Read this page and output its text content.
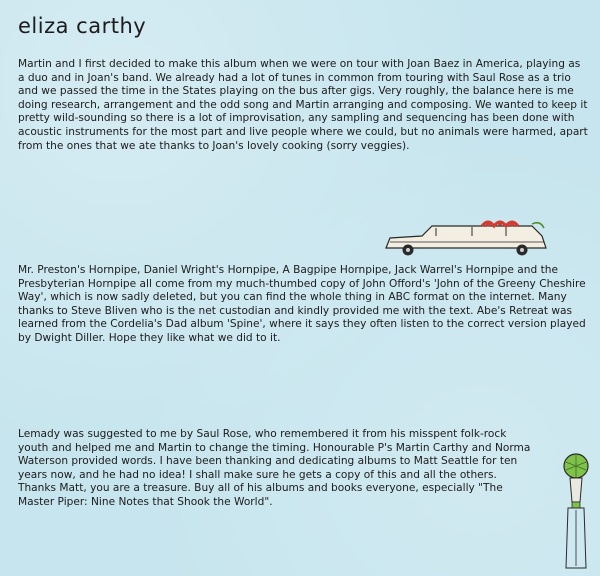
eliza carthy

Martin and I first decided to make this album when we were on tour with Joan Baez in America, playing as a duo and in Joan's band. We already had a lot of tunes in common from touring with Saul Rose as a trio and we passed the time in the States playing on the bus after gigs. Very roughly, the balance here is me doing research, arrangement and the odd song and Martin arranging and composing. We wanted to keep it pretty wild-sounding so there is a lot of improvisation, any sampling and sequencing has been done with acoustic instruments for the most part and live people where we could, but no animals were harmed, apart from the ones that we ate thanks to Joan's lovely cooking (sorry veggies).

Mr. Preston's Hornpipe, Daniel Wright's Hornpipe, A Bagpipe Hornpipe, Jack Warrel's Hornpipe and the Presbyterian Hornpipe all come from my much-thumbed copy of John Offord's 'John of the Greeny Cheshire Way', which is now sadly deleted, but you can find the whole thing in ABC format on the internet. Many thanks to Steve Bliven who is the net custodian and kindly provided me with the text. Abe's Retreat was learned from the Cordelia's Dad album 'Spine', where it says they often listen to the correct version played by Dwight Diller. Hope they like what we did to it.

Lemady was suggested to me by Saul Rose, who remembered it from his misspent folk-rock youth and helped me and Martin to change the timing. Honourable P's Martin Carthy and Norma Waterson provided words. I have been thanking and dedicating albums to Matt Seattle for ten years now, and he had no idea! I shall make sure he gets a copy of this and all the others. Thanks Matt, you are a treasure. Buy all of his albums and books everyone, especially "The Master Piper: Nine Notes that Shook the World".
